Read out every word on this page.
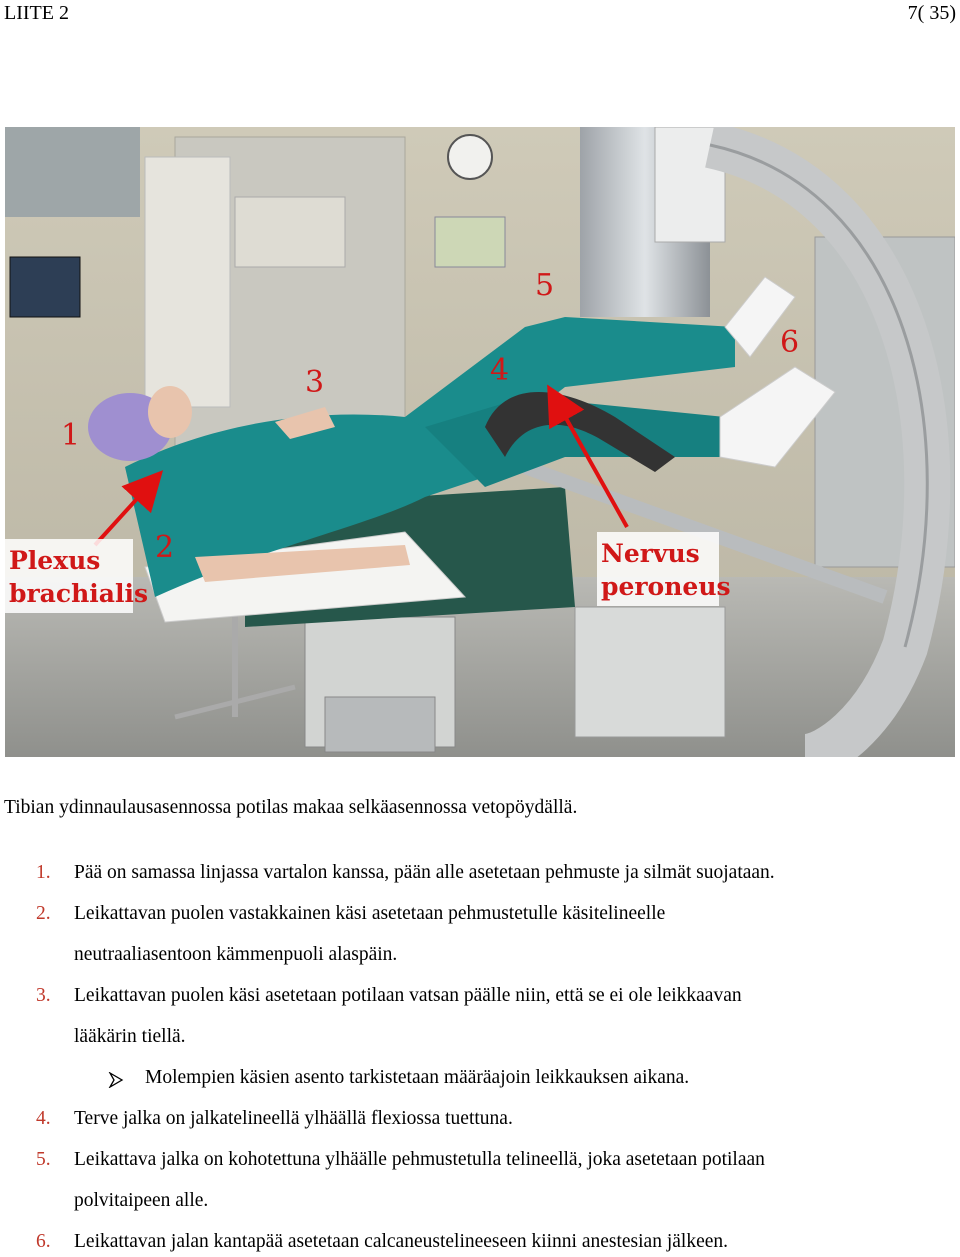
LIITE 2	7( 35)
1
2
3	4
5
6
Plexus
brachialis
Nervus
peroneus
Tibian ydinnaulausasennossa potilas makaa selkäasennossa vetopöydällä.
1. Pää on samassa linjassa vartalon kanssa, pään alle asetetaan pehmuste ja silmät suojataan.
2. Leikattavan puolen vastakkainen käsi asetetaan pehmustetulle käsitelineelle
neutraaliasentoon kämmenpuoli alaspäin.
3. Leikattavan puolen käsi asetetaan potilaan vatsan päälle niin, että se ei ole leikkaavan
lääkärin tiellä.
Molempien käsien asento tarkistetaan määräajoin leikkauksen aikana.
4. Terve jalka on jalkatelineellä ylhäällä flexiossa tuettuna.
5. Leikattava jalka on kohotettuna ylhäälle pehmustetulla telineellä, joka asetetaan potilaan
polvitaipeen alle.
6. Leikattavan jalan kantapää asetetaan calcaneustelineeseen kiinni anestesian jälkeen.
